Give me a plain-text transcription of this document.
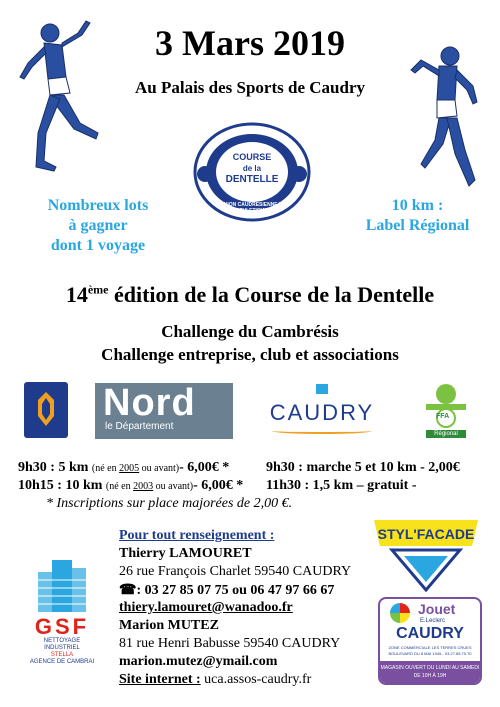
3 Mars 2019
Au Palais des Sports de Caudry
COURSE
de la
DENTELLE
UNION CAUDRESIENNE D' ATHLETISME
Nombreux lots
à gagner
dont 1 voyage
10 km :
Label Régional
14ème édition de la Course de la Dentelle
Challenge du Cambrésis
Challenge entreprise, club et associations
Nord
le Département
CAUDRY	FFA
Régional
9h30 : 5 km (né en 2005 ou avant)- 6,00€ *
10h15 : 10 km (né en 2003 ou avant)- 6,00€ *
9h30 : marche 5 et 10 km - 2,00€
11h30 : 1,5 km – gratuit -
* Inscriptions sur place majorées de 2,00 €.
Pour tout renseignement :
Thierry LAMOURET
26 rue François Charlet 59540 CAUDRY
☎: 03 27 85 07 75 ou 06 47 97 66 67
thiery.lamouret@wanadoo.fr
Marion MUTEZ
81 rue Henri Babusse 59540 CAUDRY
marion.mutez@ymail.com
Site internet : uca.assos-caudry.fr
GSF
NETTOYAGE
INDUSTRIEL
STELLA
AGENCE DE CAMBRAI
STYL'FACADE
Jouet
E.Leclerc
CAUDRY
ZONE COMMERCIALE LES TERRES CRUES
BOULEVARD DU 8 MAI 1945 - 03.27.85.70.70
MAGASIN OUVERT DU LUNDI AU SAMEDI
DE 10H À 19H
